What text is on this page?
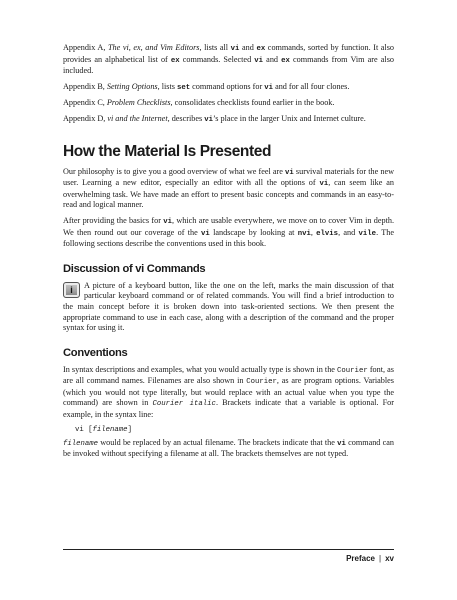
Appendix A, The vi, ex, and Vim Editors, lists all vi and ex commands, sorted by function. It also provides an alphabetical list of ex commands. Selected vi and ex commands from Vim are also included.

Appendix B, Setting Options, lists set command options for vi and for all four clones.

Appendix C, Problem Checklists, consolidates checklists found earlier in the book.

Appendix D, vi and the Internet, describes vi’s place in the larger Unix and Internet culture.

How the Material Is Presented

Our philosophy is to give you a good overview of what we feel are vi survival materials for the new user. Learning a new editor, especially an editor with all the options of vi, can seem like an overwhelming task. We have made an effort to present basic concepts and commands in an easy-to-read and logical manner.

After providing the basics for vi, which are usable everywhere, we move on to cover Vim in depth. We then round out our coverage of the vi landscape by looking at nvi, elvis, and vile. The following sections describe the conventions used in this book.

Discussion of vi Commands

i	A picture of a keyboard button, like the one on the left, marks the main discussion of that particular keyboard command or of related commands. You will find a brief introduction to the main concept before it is broken down into task-oriented sections. We then present the appropriate command to use in each case, along with a description of the command and the proper syntax for using it.

Conventions

In syntax descriptions and examples, what you would actually type is shown in the Courier font, as are all command names. Filenames are also shown in Courier, as are program options. Variables (which you would not type literally, but would replace with an actual value when you type the command) are shown in Courier italic. Brackets indicate that a variable is optional. For example, in the syntax line:

vi [filename]

filename would be replaced by an actual filename. The brackets indicate that the vi command can be invoked without specifying a filename at all. The brackets themselves are not typed.

Preface | xv
